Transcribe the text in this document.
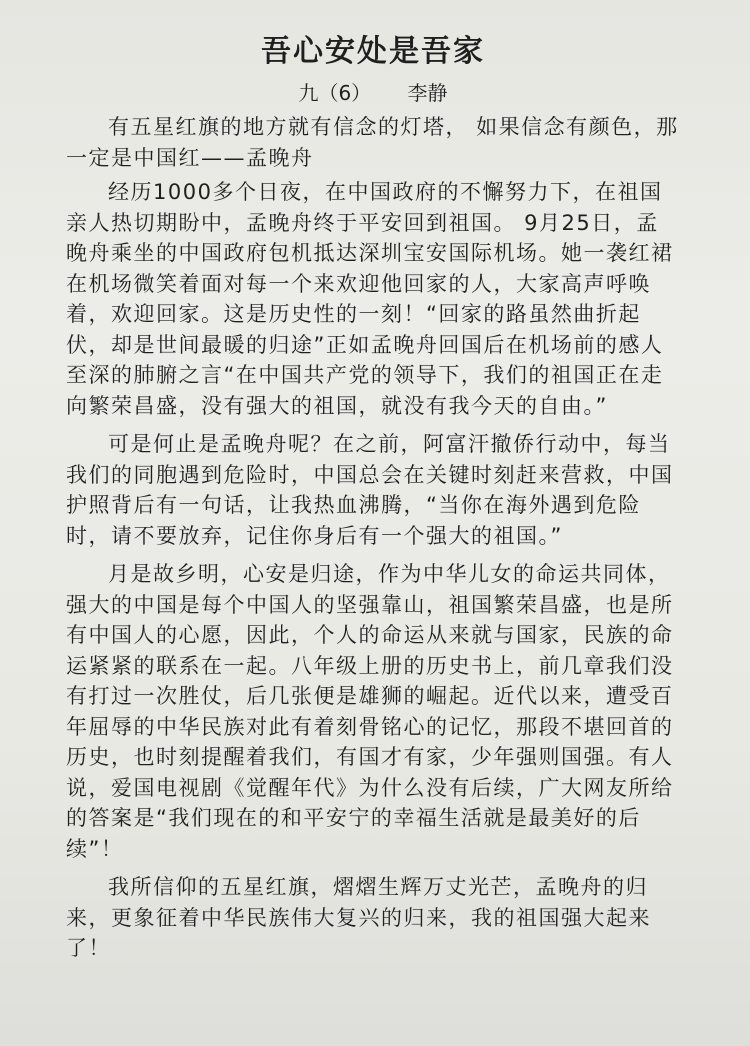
吾心安处是吾家
九（6） 李静

有五星红旗的地方就有信念的灯塔， 如果信念有颜色，那一定是中国红——孟晚舟

经历1000多个日夜，在中国政府的不懈努力下，在祖国亲人热切期盼中，孟晚舟终于平安回到祖国。 9月25日，孟晚舟乘坐的中国政府包机抵达深圳宝安国际机场。她一袭红裙在机场微笑着面对每一个来欢迎他回家的人，大家高声呼唤着，欢迎回家。这是历史性的一刻！“回家的路虽然曲折起伏，却是世间最暖的归途”正如孟晚舟回国后在机场前的感人至深的肺腑之言“在中国共产党的领导下，我们的祖国正在走向繁荣昌盛，没有强大的祖国，就没有我今天的自由。”

可是何止是孟晚舟呢？在之前，阿富汗撤侨行动中，每当我们的同胞遇到危险时，中国总会在关键时刻赶来营救，中国护照背后有一句话，让我热血沸腾，“当你在海外遇到危险时，请不要放弃，记住你身后有一个强大的祖国。”

月是故乡明，心安是归途，作为中华儿女的命运共同体，强大的中国是每个中国人的坚强靠山，祖国繁荣昌盛，也是所有中国人的心愿，因此，个人的命运从来就与国家，民族的命运紧紧的联系在一起。八年级上册的历史书上，前几章我们没有打过一次胜仗，后几张便是雄狮的崛起。近代以来，遭受百年屈辱的中华民族对此有着刻骨铭心的记忆，那段不堪回首的历史，也时刻提醒着我们，有国才有家，少年强则国强。有人说，爱国电视剧《觉醒年代》为什么没有后续，广大网友所给的答案是“我们现在的和平安宁的幸福生活就是最美好的后续”！

我所信仰的五星红旗，熠熠生辉万丈光芒，孟晚舟的归来，更象征着中华民族伟大复兴的归来，我的祖国强大起来了！
